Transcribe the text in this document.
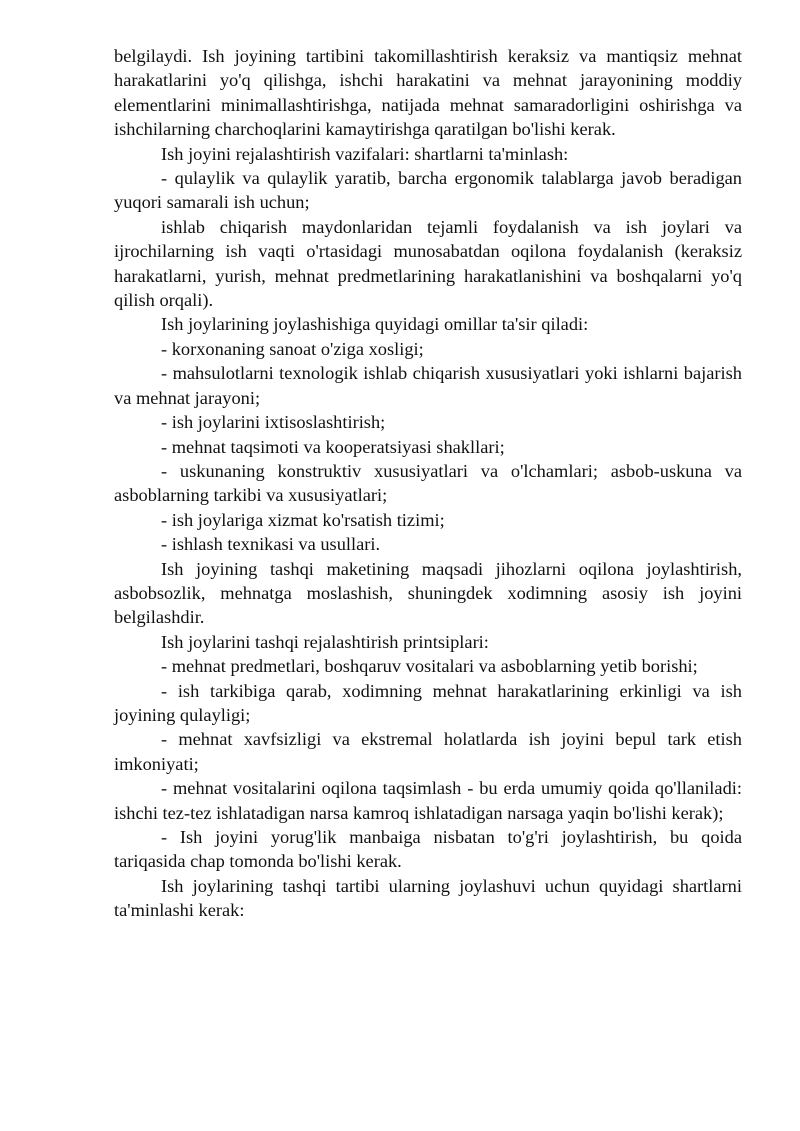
belgilaydi. Ish joyining tartibini takomillashtirish keraksiz va mantiqsiz mehnat harakatlarini yo'q qilishga, ishchi harakatini va mehnat jarayonining moddiy elementlarini minimallashtirishga, natijada mehnat samaradorligini oshirishga va ishchilarning charchoqlarini kamaytirishga qaratilgan bo'lishi kerak.

Ish joyini rejalashtirish vazifalari: shartlarni ta'minlash:

- qulaylik va qulaylik yaratib, barcha ergonomik talablarga javob beradigan yuqori samarali ish uchun;

ishlab chiqarish maydonlaridan tejamli foydalanish va ish joylari va ijrochilarning ish vaqti o'rtasidagi munosabatdan oqilona foydalanish (keraksiz harakatlarni, yurish, mehnat predmetlarining harakatlanishini va boshqalarni yo'q qilish orqali).

Ish joylarining joylashishiga quyidagi omillar ta'sir qiladi:

- korxonaning sanoat o'ziga xosligi;

- mahsulotlarni texnologik ishlab chiqarish xususiyatlari yoki ishlarni bajarish va mehnat jarayoni;

- ish joylarini ixtisoslashtirish;

- mehnat taqsimoti va kooperatsiyasi shakllari;

- uskunaning konstruktiv xususiyatlari va o'lchamlari; asbob-uskuna va asboblarning tarkibi va xususiyatlari;

- ish joylariga xizmat ko'rsatish tizimi;

- ishlash texnikasi va usullari.

Ish joyining tashqi maketining maqsadi jihozlarni oqilona joylashtirish, asbobsozlik, mehnatga moslashish, shuningdek xodimning asosiy ish joyini belgilashdir.

Ish joylarini tashqi rejalashtirish printsiplari:

- mehnat predmetlari, boshqaruv vositalari va asboblarning yetib borishi;

- ish tarkibiga qarab, xodimning mehnat harakatlarining erkinligi va ish joyining qulayligi;

- mehnat xavfsizligi va ekstremal holatlarda ish joyini bepul tark etish imkoniyati;

- mehnat vositalarini oqilona taqsimlash - bu erda umumiy qoida qo'llaniladi: ishchi tez-tez ishlatadigan narsa kamroq ishlatadigan narsaga yaqin bo'lishi kerak);

- Ish joyini yorug'lik manbaiga nisbatan to'g'ri joylashtirish, bu qoida tariqasida chap tomonda bo'lishi kerak.

Ish joylarining tashqi tartibi ularning joylashuvi uchun quyidagi shartlarni ta'minlashi kerak:
